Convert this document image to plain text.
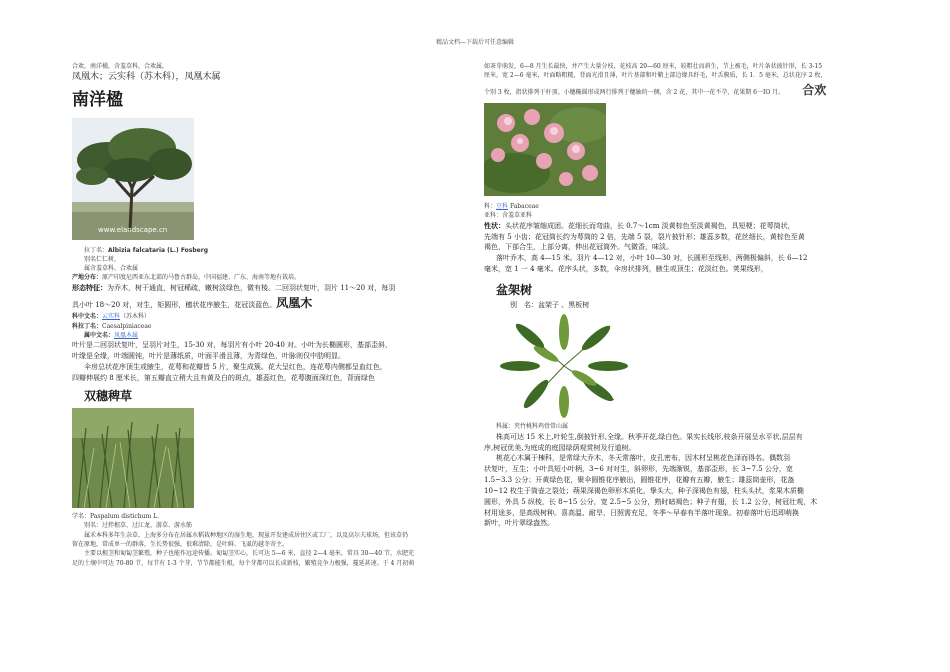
精品文档---下载后可任意编辑
合欢，南洋楹，含羞草科，合欢属，
凤凰木；云实科（苏木科），凤凰木属
南洋楹
www.elandscape.cn
拉丁名：Albizia falcataria (L.) Fosberg
别名仁仁树，
属含羞草科、合欢属
产地分布：原产印度尼西亚东北部的马鲁古群岛，中国福建、广东、海南等地有栽培。
形态特征：为乔木，树干通直，树冠稀疏，嫩树淡绿色，微有棱。二回羽状复叶，羽片 11～20 对，每羽
具小叶 18～20 对，对生，矩圆形，穗状花序腋生，花冠淡蓝色。凤凰木
科中文名：云实科（苏木科）
科拉丁名：Caesalpiniaceae
属中文名：凤凰木属
叶片是二回羽状复叶，呈羽片对生，15-30 对，每羽片有小叶 20-40 对。小叶为长椭圆形，基部歪斜，
叶缘是全缘，叶端圆钝，叶片是薄纸质，叶面平滑且薄，为青绿色，叶脉则仅中肋明显。
伞房总状花序顶生或腋生，花萼和花瓣皆 5 片，聚生成簇。花大呈红色，连花萼内侧都呈血红色，
四瓣伸展约 8 厘米长，第五瓣直立稍大且有黄及白的斑点，雄蕊红色，花萼腹面深红色，背面绿色
双穗稗草
学名：Paspalum distichum L.
别名：过拌根草、过江龙、游草、游水筋
属禾本科多年生杂草，上海多分布在居属水稻栽种地区的湿生地，现虽开发建成居住区或工厂，以及高尔夫球场，但该草仍
留在原地，常成单一的群落，生长势很强，很难清除，是叶鲜、飞虱的越冬寄主。
主要以根茎和匍匐茎繁殖，种子也能作远途传播。匍匐茎实心，长可达 5—6 米，直径 2—4 毫米，常具 30—40 节，水肥充
足的土壤中可达 70-80 节，每节有 1-3 个芽，节节都能生根，每个芽都可以长成新枝，繁殖竞争力极强，蔓延甚速。于 4 月初萌
如茶芽萌发，6—8 月生长最快，并产生大量分枝，花枝高 20—60 厘米，较粗壮而斜生，节上被毛，叶片条状披针形，长 3-15
厘米，宽 2—6 毫米，叶面略粗糙，背面光滑且薄，叶片基部和叶鞘上部边缘具纤毛，叶舌膜质，长 1．5 毫米，总状花序 2 枚，
个别 3 枚，指状排列于秆顶。小穗椭圆形成两行排列于穗轴的一侧，含 2 花，其中一花不孕，花果期 6一IO 月。 合欢
科：豆科 Fabaceae
亚科：含羞草亚科
性状：头状花序皱缩成团。花细长而弯曲，长 0.7～1cm 淡黄棕色至淡黄褐色，具短梗；花萼筒状，
先端有 5 小齿；花冠筒长约为萼筒的 2 倍，先端 5 裂，裂片披针形；雄蕊多数，花丝细长，黄棕色至黄
褐色，下部合生，上部分离，伸出花冠筒外。气微香，味淡。
落叶乔木，高 4—15 米。羽片 4—12 对，小叶 10—30 对，长圆形至线形，两侧极偏斜，长 6—12
毫米，宽 1 一 4 毫米。花序头状，多数，伞房状排列，腋生或顶生；花淡红色。荚果线形，
盆架树
别　名：盆架子 、黑板树
科属：夹竹桃科鸡骨常山属
株高可达 15 米上,叶轮生,倒披针形,全缘。秋季开花,绿白色。果实长线形,枝条开展呈水平状,层层有
序,树冠优美,为庭成的庭园绿荫观赏树及行道树。
桃花心木属于棟科，是常绿大乔木，冬天常落叶，皮孔密布，因木材呈桃花色泽而得名。偶数羽
状复叶，互生；小叶具短小叶柄，3~6 对对生，斜卵形，先端渐锐，基部歪形，长 3~7.5 公分，宽
1.5~3.3 公分；开黄绿色花，聚伞圆锥花序腋出，圆锥花序，花瓣有五瓣，腋生；雄蕊筒壶形，花盔
10~12 枚生于筒壶之裂处；蒴果深褐色卵形木质化，挚头大，种子深褐色有翅，柱头头状，浆果木质椭
圆形，外具 5 纵棱，长 8~15 公分，宽 2.5~5 公分，熟时暗褐色；种子有翅，长 1.2 公分，树冠壮观，木
材用途多，是高级树种。喜高温、耐旱，日照需充足，冬季～早春有半落叶现象。初春落叶后迅即萌换
新叶，叶片翠绿盎然。
